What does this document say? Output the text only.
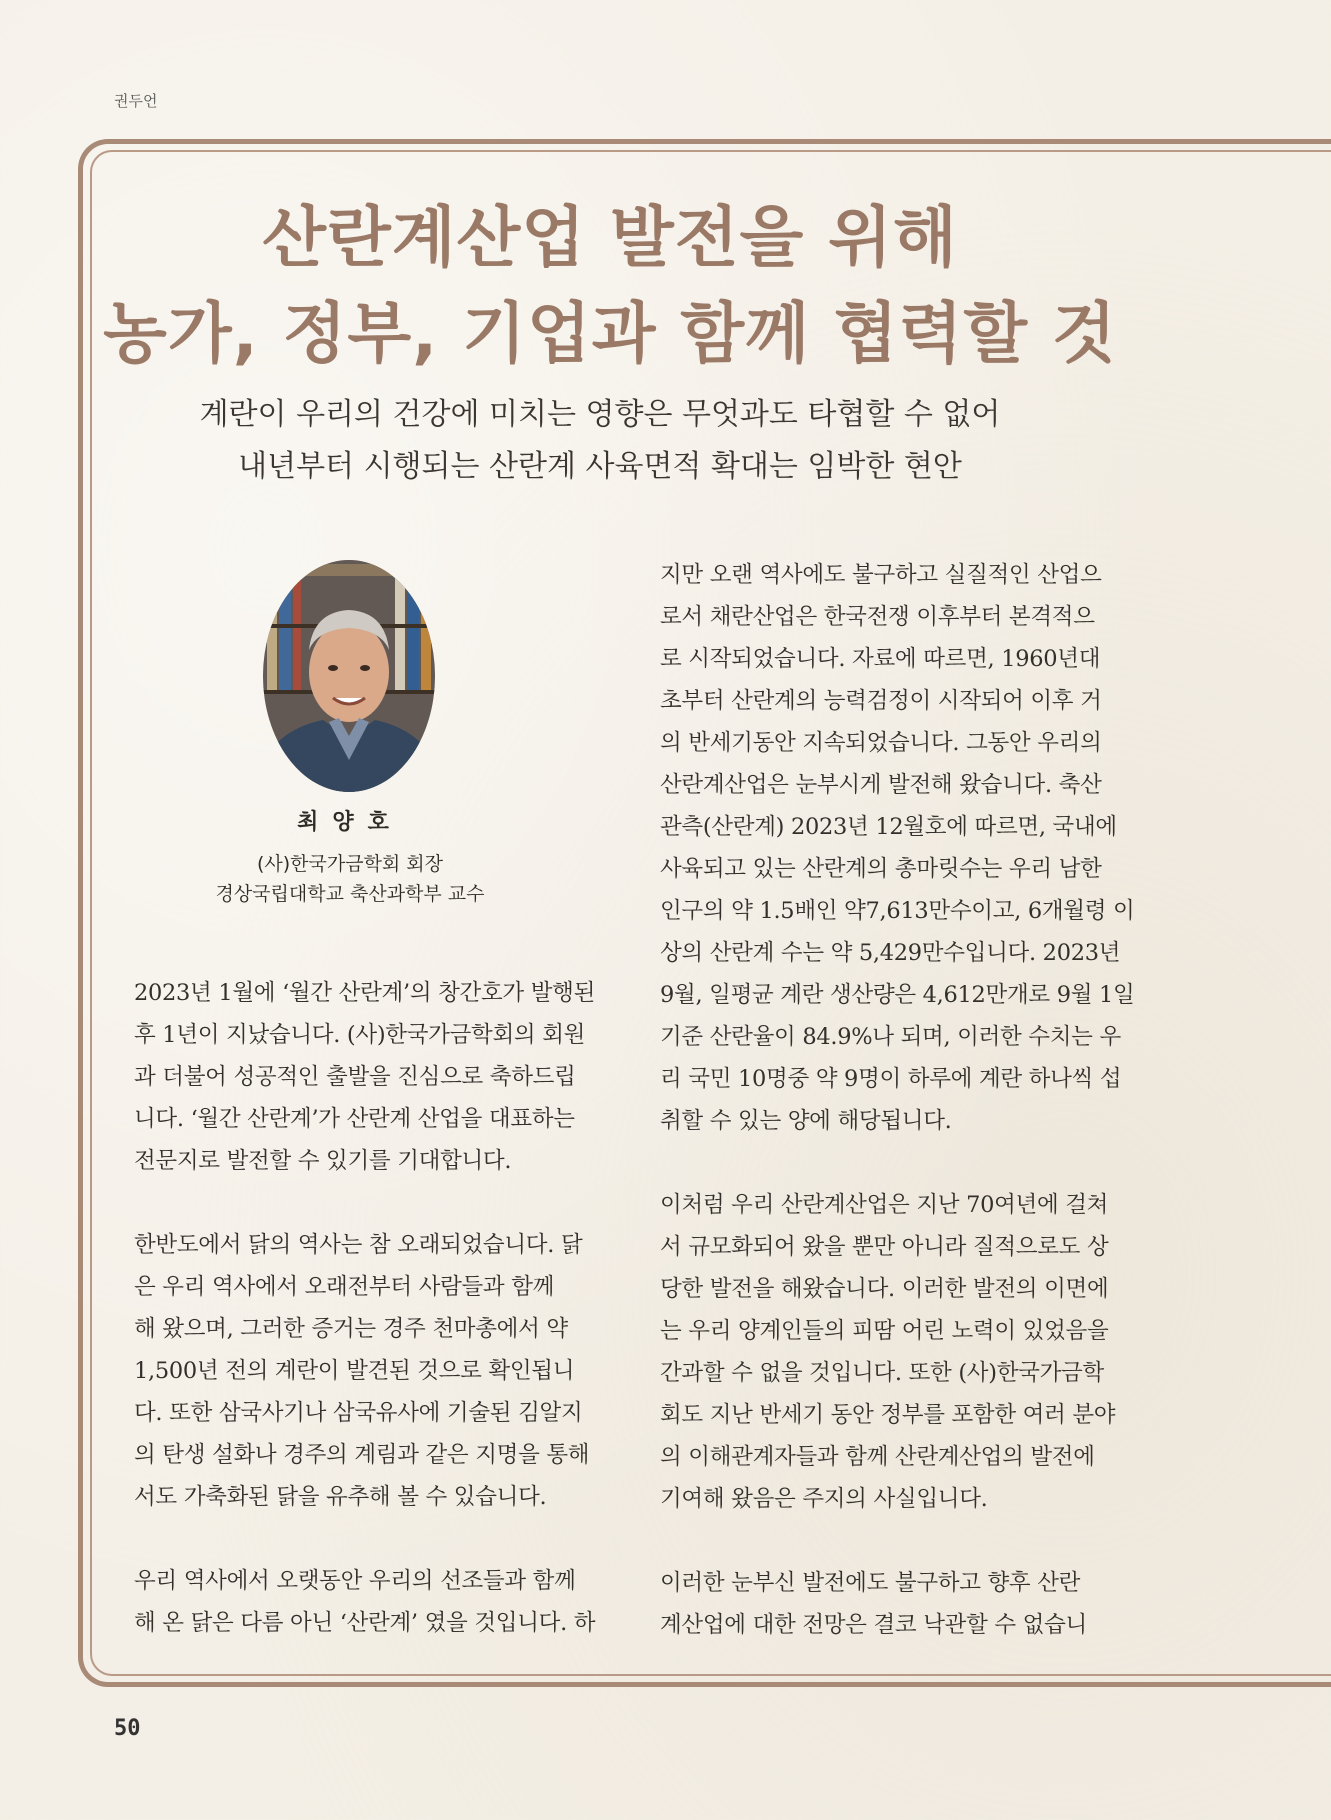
권두언
산란계산업 발전을 위해
농가, 정부, 기업과 함께 협력할 것

계란이 우리의 건강에 미치는 영향은 무엇과도 타협할 수 없어

내년부터 시행되는 산란계 사육면적 확대는 임박한 현안

최양호
(사)한국가금학회 회장
경상국립대학교 축산과학부 교수
2023년 1월에 ‘월간 산란계’의 창간호가 발행된
후 1년이 지났습니다. (사)한국가금학회의 회원
과 더불어 성공적인 출발을 진심으로 축하드립
니다. ‘월간 산란계’가 산란계 산업을 대표하는
전문지로 발전할 수 있기를 기대합니다.
한반도에서 닭의 역사는 참 오래되었습니다. 닭
은 우리 역사에서 오래전부터 사람들과 함께
해 왔으며, 그러한 증거는 경주 천마총에서 약
1,500년 전의 계란이 발견된 것으로 확인됩니
다. 또한 삼국사기나 삼국유사에 기술된 김알지
의 탄생 설화나 경주의 계림과 같은 지명을 통해
서도 가축화된 닭을 유추해 볼 수 있습니다.
우리 역사에서 오랫동안 우리의 선조들과 함께
해 온 닭은 다름 아닌 ‘산란계’ 였을 것입니다. 하
지만 오랜 역사에도 불구하고 실질적인 산업으
로서 채란산업은 한국전쟁 이후부터 본격적으
로 시작되었습니다. 자료에 따르면, 1960년대
초부터 산란계의 능력검정이 시작되어 이후 거
의 반세기동안 지속되었습니다. 그동안 우리의
산란계산업은 눈부시게 발전해 왔습니다. 축산
관측(산란계) 2023년 12월호에 따르면, 국내에
사육되고 있는 산란계의 총마릿수는 우리 남한
인구의 약 1.5배인 약7,613만수이고, 6개월령 이
상의 산란계 수는 약 5,429만수입니다. 2023년
9월, 일평균 계란 생산량은 4,612만개로 9월 1일
기준 산란율이 84.9%나 되며, 이러한 수치는 우
리 국민 10명중 약 9명이 하루에 계란 하나씩 섭
취할 수 있는 양에 해당됩니다.
이처럼 우리 산란계산업은 지난 70여년에 걸쳐
서 규모화되어 왔을 뿐만 아니라 질적으로도 상
당한 발전을 해왔습니다. 이러한 발전의 이면에
는 우리 양계인들의 피땀 어린 노력이 있었음을
간과할 수 없을 것입니다. 또한 (사)한국가금학
회도 지난 반세기 동안 정부를 포함한 여러 분야
의 이해관계자들과 함께 산란계산업의 발전에
기여해 왔음은 주지의 사실입니다.
이러한 눈부신 발전에도 불구하고 향후 산란
계산업에 대한 전망은 결코 낙관할 수 없습니
50
